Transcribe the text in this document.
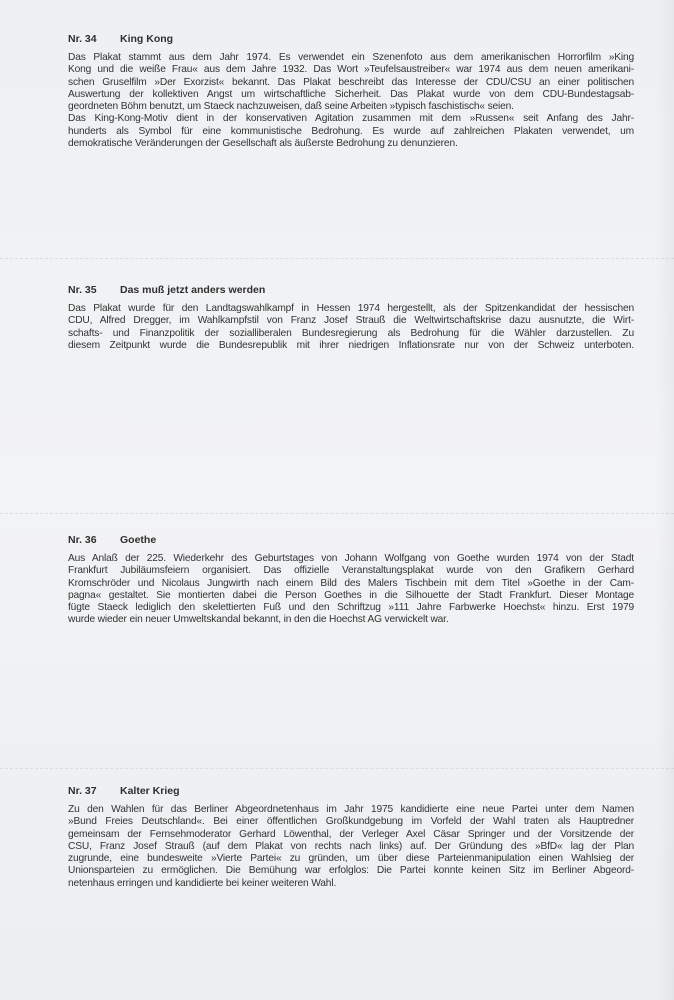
Nr. 34 King Kong
Das Plakat stammt aus dem Jahr 1974. Es verwendet ein Szenenfoto aus dem amerikanischen Horrorfilm »King
Kong und die weiße Frau« aus dem Jahre 1932. Das Wort »Teufelsaustreiber« war 1974 aus dem neuen amerikani-
schen Gruselfilm »Der Exorzist« bekannt. Das Plakat beschreibt das Interesse der CDU/CSU an einer politischen
Auswertung der kollektiven Angst um wirtschaftliche Sicherheit. Das Plakat wurde von dem CDU-Bundestagsab-
geordneten Böhm benutzt, um Staeck nachzuweisen, daß seine Arbeiten »typisch faschistisch« seien.
Das King-Kong-Motiv dient in der konservativen Agitation zusammen mit dem »Russen« seit Anfang des Jahr-
hunderts als Symbol für eine kommunistische Bedrohung. Es wurde auf zahlreichen Plakaten verwendet, um
demokratische Veränderungen der Gesellschaft als äußerste Bedrohung zu denunzieren.
Nr. 35 Das muß jetzt anders werden
Das Plakat wurde für den Landtagswahlkampf in Hessen 1974 hergestellt, als der Spitzenkandidat der hessischen
CDU, Alfred Dregger, im Wahlkampfstil von Franz Josef Strauß die Weltwirtschaftskrise dazu ausnutzte, die Wirt-
schafts- und Finanzpolitik der sozialliberalen Bundesregierung als Bedrohung für die Wähler darzustellen. Zu
diesem Zeitpunkt wurde die Bundesrepublik mit ihrer niedrigen Inflationsrate nur von der Schweiz unterboten.
Nr. 36 Goethe
Aus Anlaß der 225. Wiederkehr des Geburtstages von Johann Wolfgang von Goethe wurden 1974 von der Stadt
Frankfurt Jubiläumsfeiern organisiert. Das offizielle Veranstaltungsplakat wurde von den Grafikern Gerhard
Kromschröder und Nicolaus Jungwirth nach einem Bild des Malers Tischbein mit dem Titel »Goethe in der Cam-
pagna« gestaltet. Sie montierten dabei die Person Goethes in die Silhouette der Stadt Frankfurt. Dieser Montage
fügte Staeck lediglich den skelettierten Fuß und den Schriftzug »111 Jahre Farbwerke Hoechst« hinzu. Erst 1979
wurde wieder ein neuer Umweltskandal bekannt, in den die Hoechst AG verwickelt war.
Nr. 37 Kalter Krieg
Zu den Wahlen für das Berliner Abgeordnetenhaus im Jahr 1975 kandidierte eine neue Partei unter dem Namen
»Bund Freies Deutschland«. Bei einer öffentlichen Großkundgebung im Vorfeld der Wahl traten als Hauptredner
gemeinsam der Fernsehmoderator Gerhard Löwenthal, der Verleger Axel Cäsar Springer und der Vorsitzende der
CSU, Franz Josef Strauß (auf dem Plakat von rechts nach links) auf. Der Gründung des »BfD« lag der Plan
zugrunde, eine bundesweite »Vierte Partei« zu gründen, um über diese Parteienmanipulation einen Wahlsieg der
Unionsparteien zu ermöglichen. Die Bemühung war erfolglos: Die Partei konnte keinen Sitz im Berliner Abgeord-
netenhaus erringen und kandidierte bei keiner weiteren Wahl.
